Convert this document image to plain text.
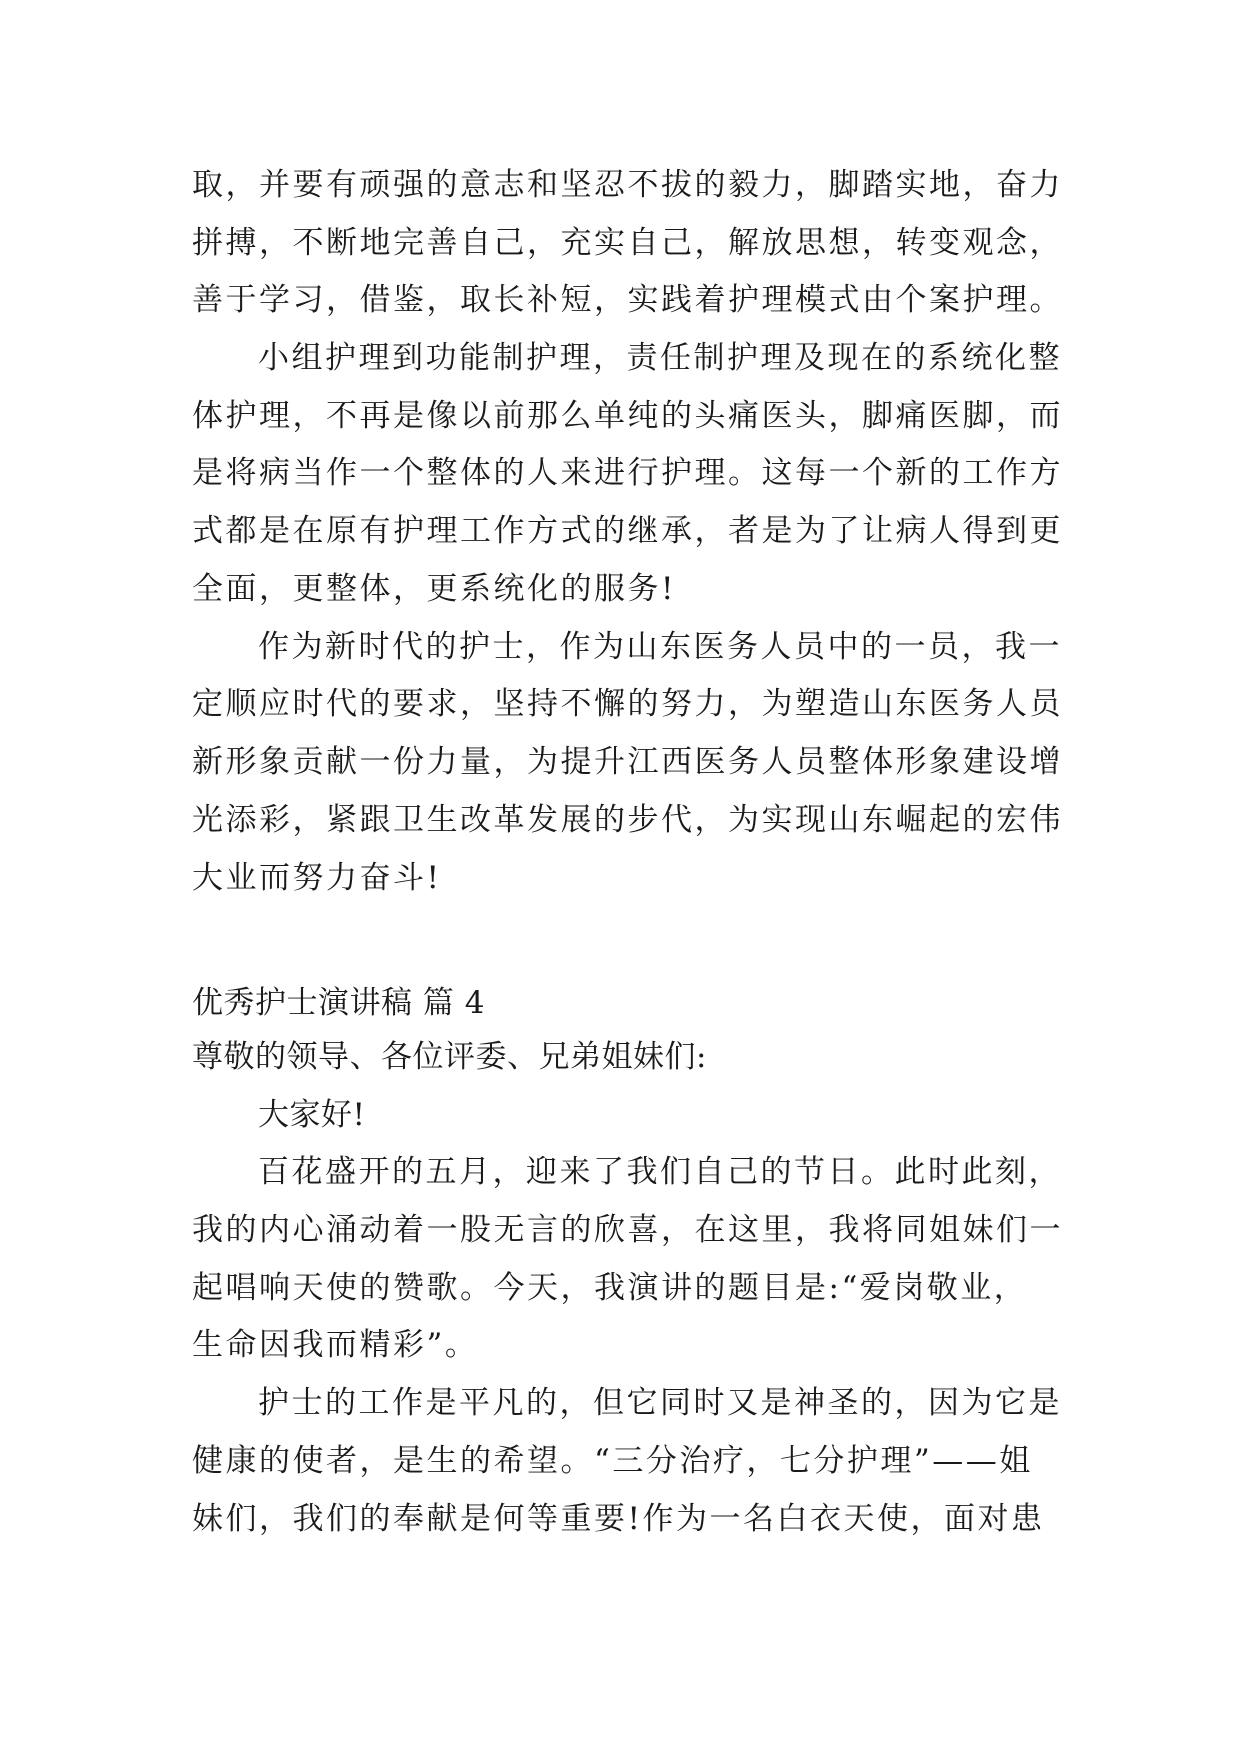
取，并要有顽强的意志和坚忍不拔的毅力，脚踏实地，奋力
拼搏，不断地完善自己，充实自己，解放思想，转变观念，
善于学习，借鉴，取长补短，实践着护理模式由个案护理。
小组护理到功能制护理，责任制护理及现在的系统化整
体护理，不再是像以前那么单纯的头痛医头，脚痛医脚，而
是将病当作一个整体的人来进行护理。这每一个新的工作方
式都是在原有护理工作方式的继承，者是为了让病人得到更
全面，更整体，更系统化的服务!
作为新时代的护士，作为山东医务人员中的一员，我一
定顺应时代的要求，坚持不懈的努力，为塑造山东医务人员
新形象贡献一份力量，为提升江西医务人员整体形象建设增
光添彩，紧跟卫生改革发展的步代，为实现山东崛起的宏伟
大业而努力奋斗!
优秀护士演讲稿 篇 4
尊敬的领导、各位评委、兄弟姐妹们:
大家好!
百花盛开的五月，迎来了我们自己的节日。此时此刻，
我的内心涌动着一股无言的欣喜，在这里，我将同姐妹们一
起唱响天使的赞歌。今天，我演讲的题目是:“爱岗敬业，
生命因我而精彩”。
护士的工作是平凡的，但它同时又是神圣的，因为它是
健康的使者，是生的希望。“三分治疗，七分护理”——姐
妹们，我们的奉献是何等重要!作为一名白衣天使，面对患
